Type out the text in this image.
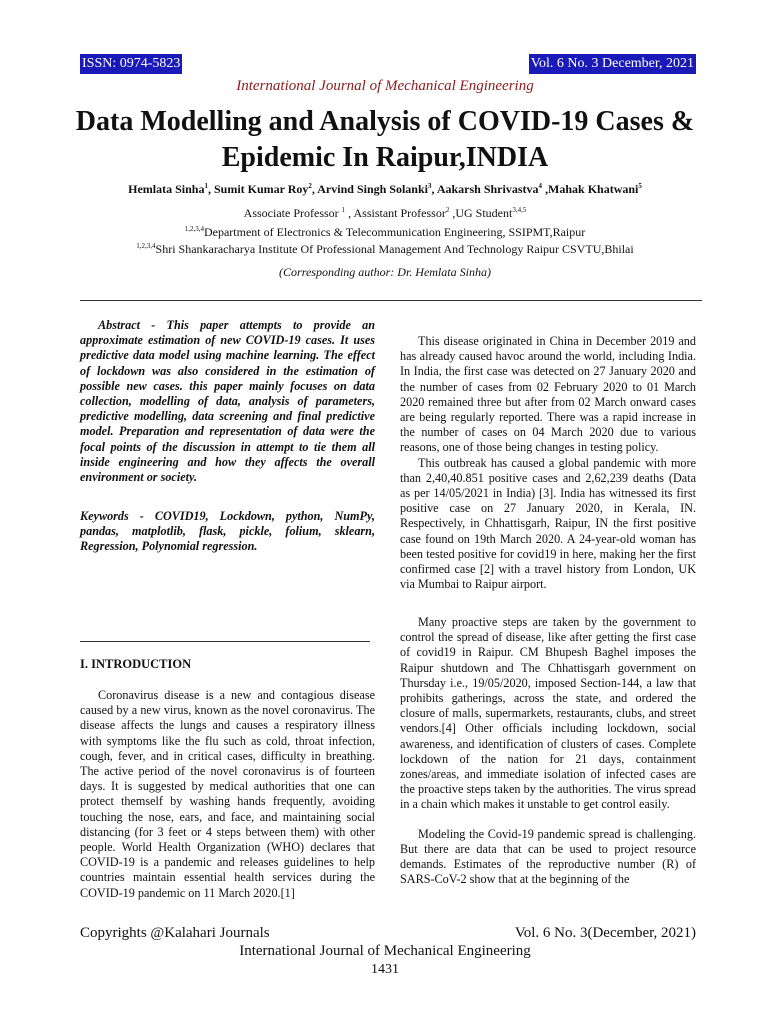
ISSN: 0974-5823	Vol. 6 No. 3 December, 2021
International Journal of Mechanical Engineering
Data Modelling and Analysis of COVID-19 Cases &
Epidemic In Raipur,INDIA
Hemlata Sinha$^1$, Sumit Kumar Roy$^2$, Arvind Singh Solanki$^3$, Aakarsh Shrivastva$^4$ ,Mahak Khatwani$^5$
Associate Professor $^1$ , Assistant Professor$^2$ ,UG Student$^{3,4,5}$
$^{1,2,3,4}$Department of Electronics & Telecommunication Engineering, SSIPMT,Raipur
$^{1,2,3,4}$Shri Shankaracharya Institute Of Professional Management And Technology Raipur CSVTU,Bhilai
(Corresponding author: Dr. Hemlata Sinha)
Abstract - This paper attempts to provide an approximate estimation of new COVID-19 cases. It uses predictive data model using machine learning. The effect of lockdown was also considered in the estimation of possible new cases. this paper mainly focuses on data collection, modelling of data, analysis of parameters, predictive modelling, data screening and final predictive model. Preparation and representation of data were the focal points of the discussion in attempt to tie them all inside engineering and how they affects the overall environment or society.
Keywords - COVID19, Lockdown, python, NumPy, pandas, matplotlib, flask, pickle, folium, sklearn, Regression, Polynomial regression.
I. INTRODUCTION
Coronavirus disease is a new and contagious disease caused by a new virus, known as the novel coronavirus. The disease affects the lungs and causes a respiratory illness with symptoms like the flu such as cold, throat infection, cough, fever, and in critical cases, difficulty in breathing. The active period of the novel coronavirus is of fourteen days. It is suggested by medical authorities that one can protect themself by washing hands frequently, avoiding touching the nose, ears, and face, and maintaining social distancing (for 3 feet or 4 steps between them) with other people. World Health Organization (WHO) declares that COVID-19 is a pandemic and releases guidelines to help countries maintain essential health services during the COVID-19 pandemic on 11 March 2020.[1]

This disease originated in China in December 2019 and has already caused havoc around the world, including India. In India, the first case was detected on 27 January 2020 and the number of cases from 02 February 2020 to 01 March 2020 remained three but after from 02 March onward cases are being regularly reported. There was a rapid increase in the number of cases on 04 March 2020 due to various reasons, one of those being changes in testing policy.

This outbreak has caused a global pandemic with more than 2,40,40.851 positive cases and 2,62,239 deaths (Data as per 14/05/2021 in India) [3]. India has witnessed its first positive case on 27 January 2020, in Kerala, IN. Respectively, in Chhattisgarh, Raipur, IN the first positive case found on 19th March 2020. A 24-year-old woman has been tested positive for covid19 in here, making her the first confirmed case [2] with a travel history from London, UK via Mumbai to Raipur airport.

Many proactive steps are taken by the government to control the spread of disease, like after getting the first case of covid19 in Raipur. CM Bhupesh Baghel imposes the Raipur shutdown and The Chhattisgarh government on Thursday i.e., 19/05/2020, imposed Section-144, a law that prohibits gatherings, across the state, and ordered the closure of malls, supermarkets, restaurants, clubs, and street vendors.[4] Other officials including lockdown, social awareness, and identification of clusters of cases. Complete lockdown of the nation for 21 days, containment zones/areas, and immediate isolation of infected cases are the proactive steps taken by the authorities. The virus spread in a chain which makes it unstable to get control easily.

Modeling the Covid-19 pandemic spread is challenging. But there are data that can be used to project resource demands. Estimates of the reproductive number (R) of SARS-CoV-2 show that at the beginning of the

Copyrights @Kalahari Journals	Vol. 6 No. 3(December, 2021)
International Journal of Mechanical Engineering
1431
